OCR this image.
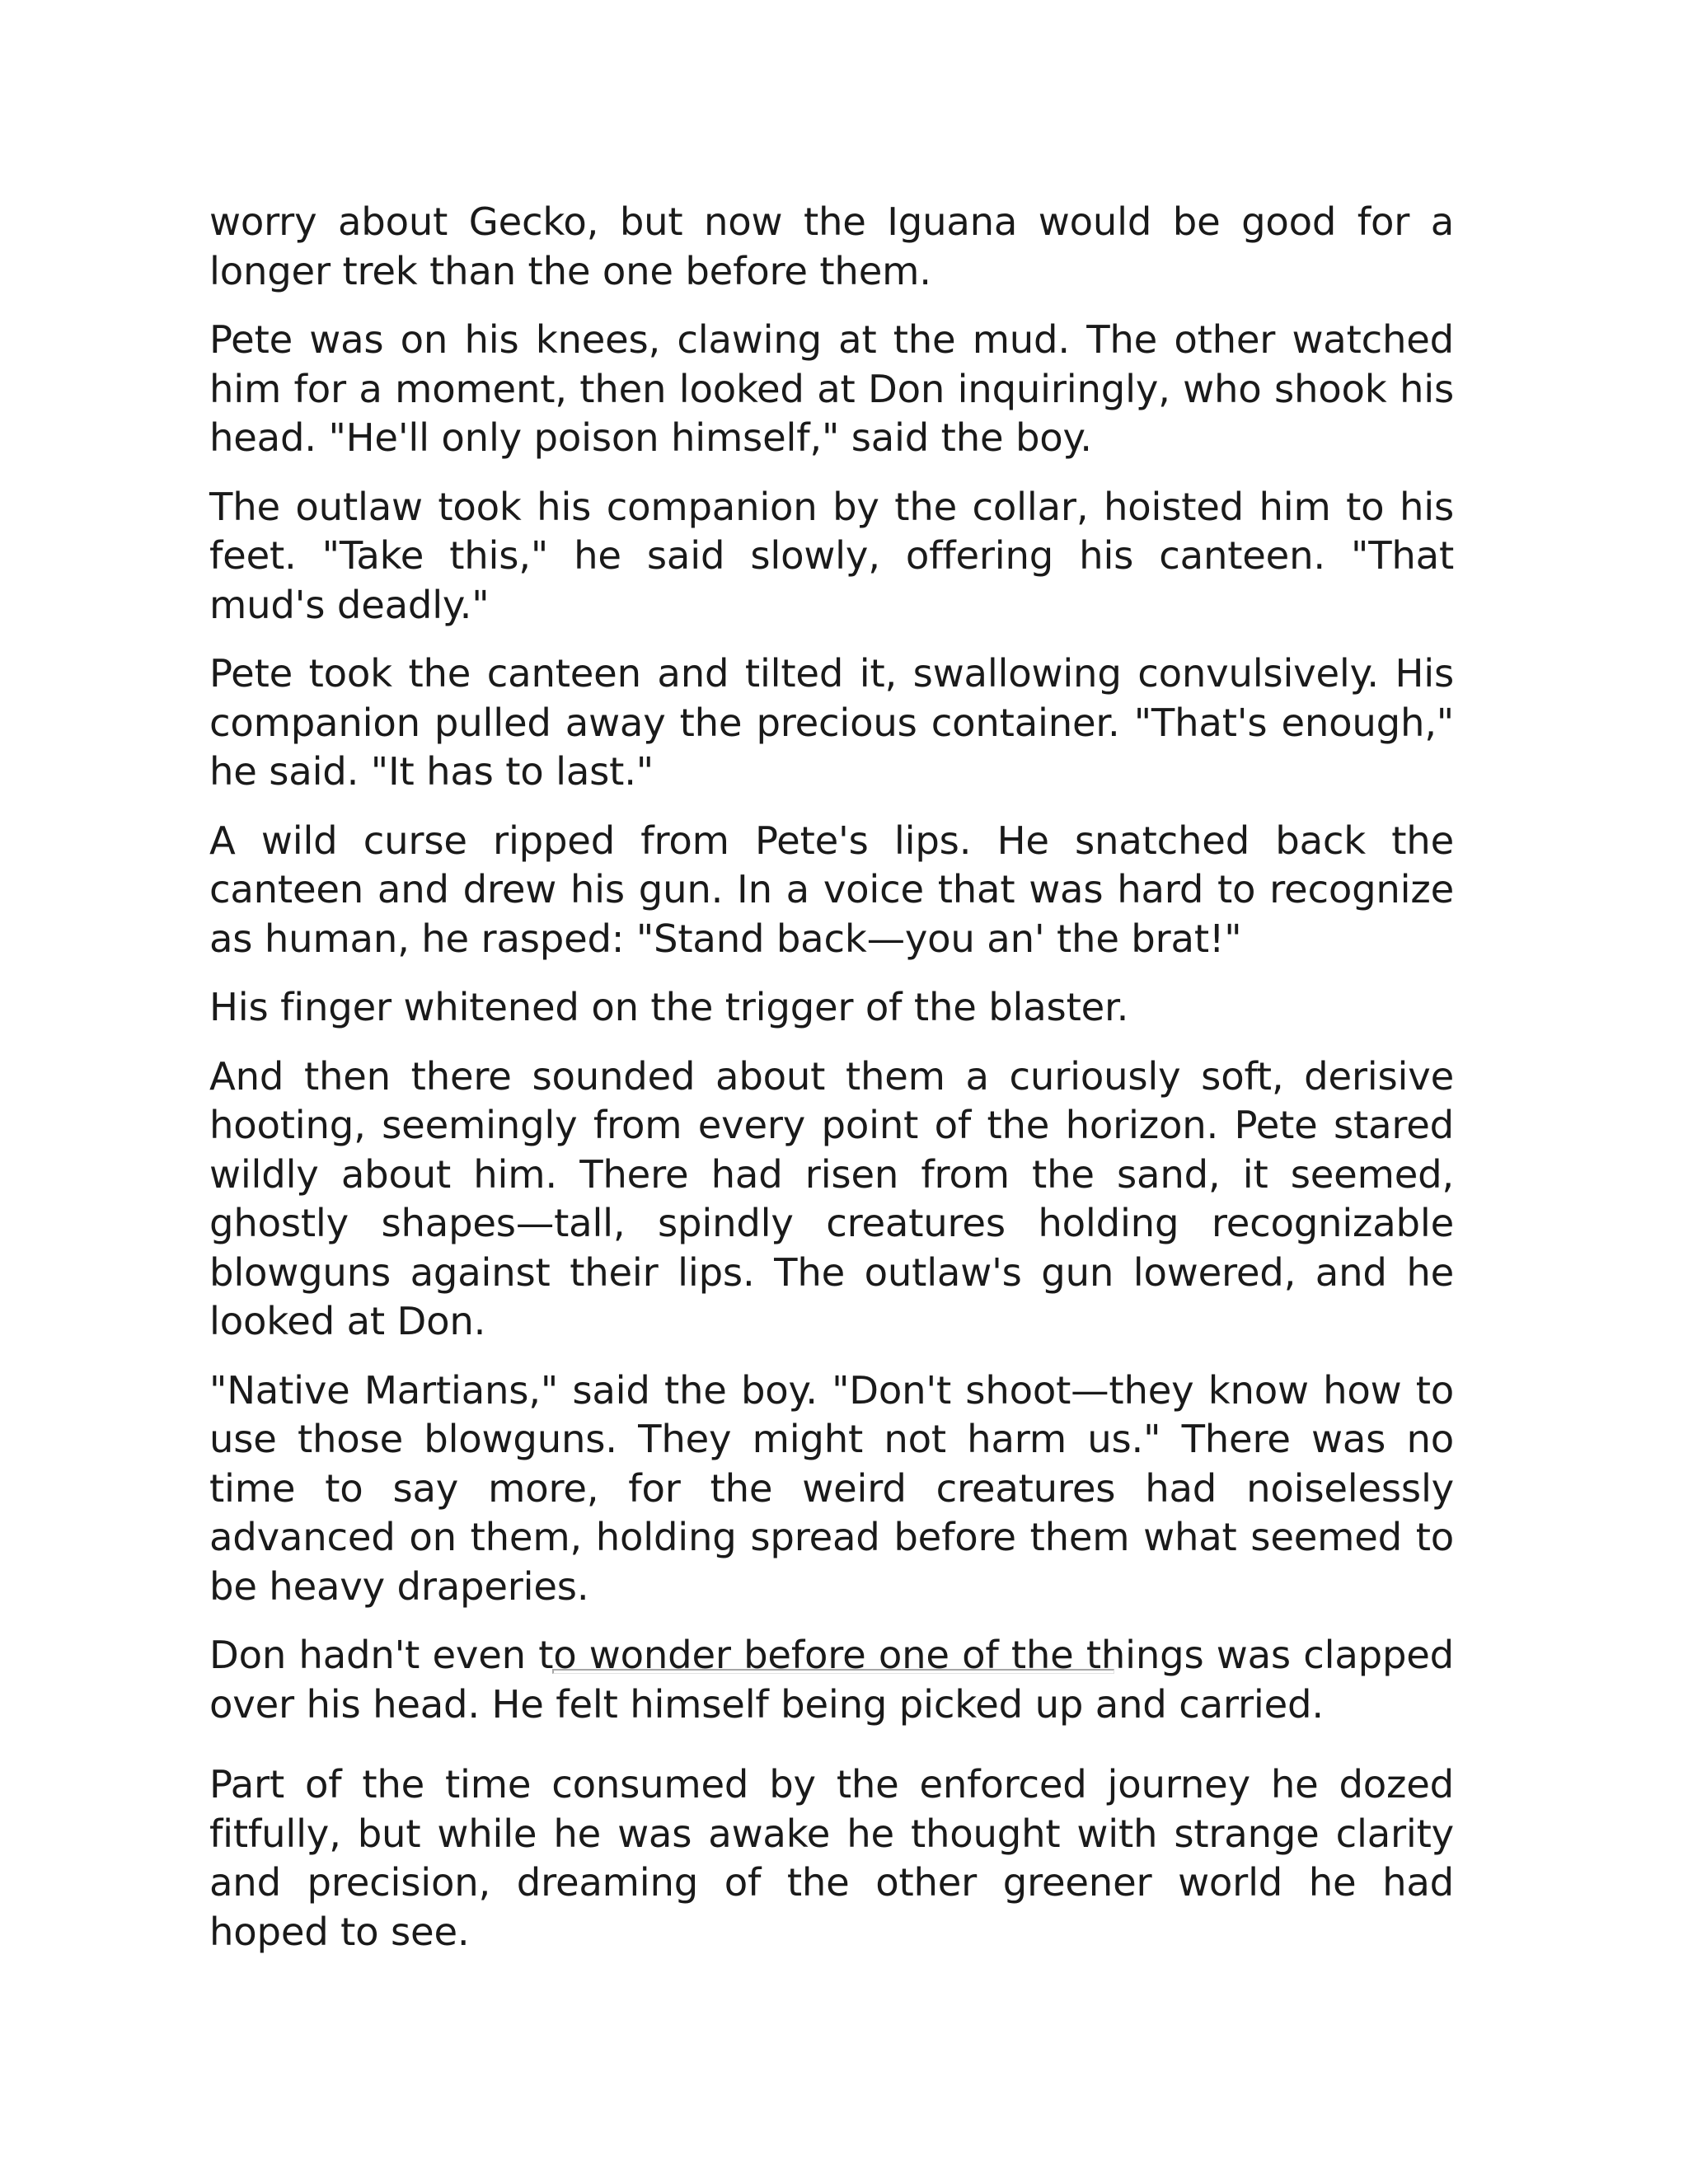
worry about Gecko, but now the Iguana would be good for a longer trek than the one before them.

Pete was on his knees, clawing at the mud. The other watched him for a moment, then looked at Don inquiringly, who shook his head. "He'll only poison himself," said the boy.

The outlaw took his companion by the collar, hoisted him to his feet. "Take this," he said slowly, offering his canteen. "That mud's deadly."

Pete took the canteen and tilted it, swallowing convulsively. His companion pulled away the precious container. "That's enough," he said. "It has to last."

A wild curse ripped from Pete's lips. He snatched back the canteen and drew his gun. In a voice that was hard to recognize as human, he rasped: "Stand back—you an' the brat!"

His finger whitened on the trigger of the blaster.

And then there sounded about them a curiously soft, derisive hooting, seemingly from every point of the horizon. Pete stared wildly about him. There had risen from the sand, it seemed, ghostly shapes—tall, spindly creatures holding recognizable blowguns against their lips. The outlaw's gun lowered, and he looked at Don.

"Native Martians," said the boy. "Don't shoot—they know how to use those blowguns. They might not harm us." There was no time to say more, for the weird creatures had noiselessly advanced on them, holding spread before them what seemed to be heavy draperies.

Don hadn't even to wonder before one of the things was clapped over his head. He felt himself being picked up and carried.

Part of the time consumed by the enforced journey he dozed fitfully, but while he was awake he thought with strange clarity and precision, dreaming of the other greener world he had hoped to see.
